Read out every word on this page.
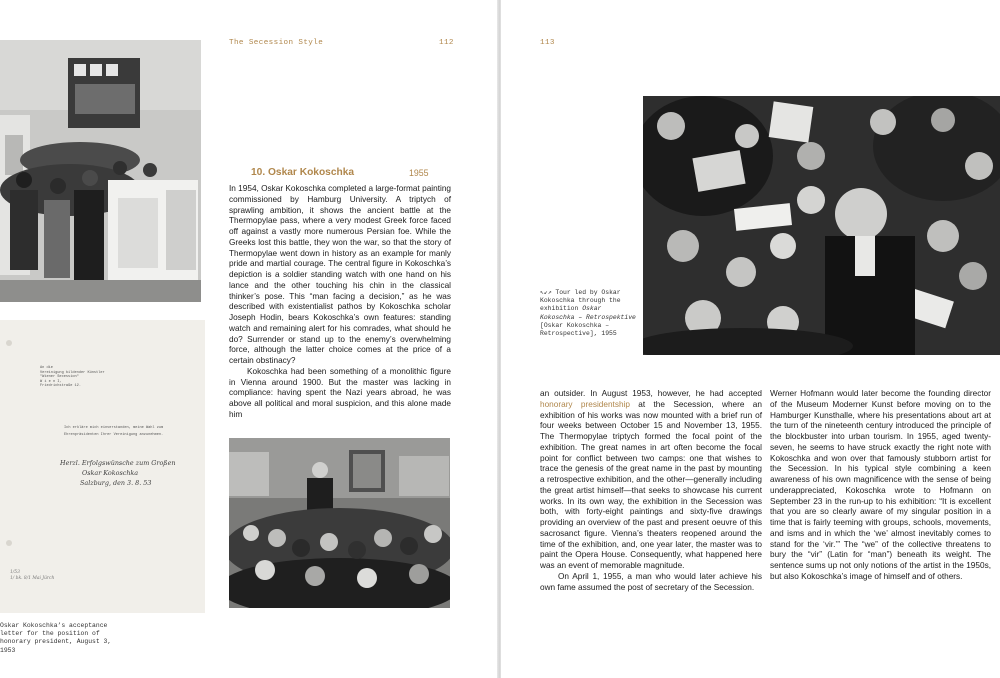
The Secession Style	112
An die
Vereinigung bildender Künstler
"Wiener Secession"
W i e n I,
Friedrichstraße 12.
Ich erkläre mich einverstanden, meine Wahl zum
Ehrenpräsidenten Ihrer Vereinigung anzunehmen.
Herzl. Erfolgswünsche zum Großen
Oskar Kokoschka
Salzburg, den 3. 8. 53
1/53
1/ bk. 8/1 Mai Jürch
Oskar Kokoschka’s acceptance letter for the position of honorary president, August 3, 1953
10. Oskar Kokoschka	1955

In 1954, Oskar Kokoschka completed a large-format painting commissioned by Hamburg University. A triptych of sprawling ambition, it shows the ancient battle at the Thermopylae pass, where a very modest Greek force faced off against a vastly more numerous Persian foe. While the Greeks lost this battle, they won the war, so that the story of Thermopylae went down in history as an example for manly pride and martial courage. The central figure in Kokoschka’s depiction is a soldier standing watch with one hand on his lance and the other touching his chin in the classical thinker’s pose. This “man facing a decision,” as he was described with existentialist pathos by Kokoschka scholar Joseph Hodin, bears Kokoschka’s own features: standing watch and remaining alert for his comrades, what should he do? Surrender or stand up to the enemy’s overwhelming force, although the latter choice comes at the price of a certain obstinacy?

Kokoschka had been something of a monolithic figure in Vienna around 1900. But the master was lacking in compliance: having spent the Nazi years abroad, he was above all political and moral suspicion, and this alone made him

113
↖↙↗ Tour led by Oskar Kokoschka through the exhibition Oskar Kokoschka – Retrospektive [Oskar Kokoschka – Retrospective], 1955

an outsider. In August 1953, however, he had accepted honorary presidentship at the Secession, where an exhibition of his works was now mounted with a brief run of four weeks between October 15 and November 13, 1955. The Thermopylae triptych formed the focal point of the exhibition. The great names in art often become the focal point for conflict between two camps: one that wishes to trace the genesis of the great name in the past by mounting a retrospective exhibition, and the other—generally including the great artist himself—that seeks to showcase his current works. In its own way, the exhibition in the Secession was both, with forty-eight paintings and sixty-five drawings providing an overview of the past and present oeuvre of this sacrosanct figure. Vienna’s theaters reopened around the time of the exhibition, and, one year later, the master was to paint the Opera House. Consequently, what happened here was an event of memorable magnitude.

On April 1, 1955, a man who would later achieve his own fame assumed the post of secretary of the Secession.

Werner Hofmann would later become the founding director of the Museum Moderner Kunst before moving on to the Hamburger Kunsthalle, where his presentations about art at the turn of the nineteenth century introduced the principle of the blockbuster into urban tourism. In 1955, aged twenty-seven, he seems to have struck exactly the right note with Kokoschka and won over that famously stubborn artist for the Secession. In his typical style combining a keen awareness of his own magnificence with the sense of being underappreciated, Kokoschka wrote to Hofmann on September 23 in the run-up to his exhibition: “It is excellent that you are so clearly aware of my singular position in a time that is fairly teeming with groups, schools, movements, and isms and in which the ‘we’ almost inevitably comes to stand for the ‘vir.’” The “we” of the collective threatens to bury the “vir” (Latin for “man”) beneath its weight. The sentence sums up not only notions of the artist in the 1950s, but also Kokoschka’s image of himself and of others.
